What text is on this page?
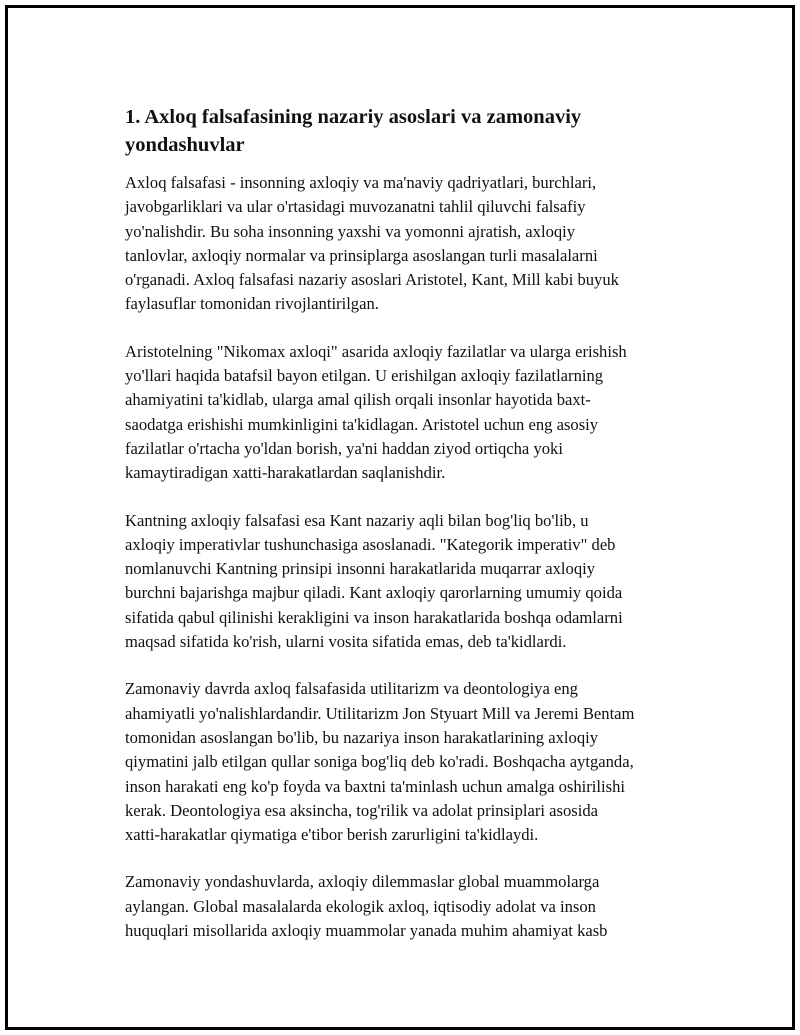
1. Axloq falsafasining nazariy asoslari va zamonaviy yondashuvlar

Axloq falsafasi - insonning axloqiy va ma'naviy qadriyatlari, burchlari,
javobgarliklari va ular o'rtasidagi muvozanatni tahlil qiluvchi falsafiy
yo'nalishdir. Bu soha insonning yaxshi va yomonni ajratish, axloqiy
tanlovlar, axloqiy normalar va prinsiplarga asoslangan turli masalalarni
o'rganadi. Axloq falsafasi nazariy asoslari Aristotel, Kant, Mill kabi buyuk
faylasuflar tomonidan rivojlantirilgan.

Aristotelning "Nikomax axloqi" asarida axloqiy fazilatlar va ularga erishish
yo'llari haqida batafsil bayon etilgan. U erishilgan axloqiy fazilatlarning
ahamiyatini ta'kidlab, ularga amal qilish orqali insonlar hayotida baxt-
saodatga erishishi mumkinligini ta'kidlagan. Aristotel uchun eng asosiy
fazilatlar o'rtacha yo'ldan borish, ya'ni haddan ziyod ortiqcha yoki
kamaytiradigan xatti-harakatlardan saqlanishdir.

Kantning axloqiy falsafasi esa Kant nazariy aqli bilan bog'liq bo'lib, u
axloqiy imperativlar tushunchasiga asoslanadi. "Kategorik imperativ" deb
nomlanuvchi Kantning prinsipi insonni harakatlarida muqarrar axloqiy
burchni bajarishga majbur qiladi. Kant axloqiy qarorlarning umumiy qoida
sifatida qabul qilinishi kerakligini va inson harakatlarida boshqa odamlarni
maqsad sifatida ko'rish, ularni vosita sifatida emas, deb ta'kidlardi.

Zamonaviy davrda axloq falsafasida utilitarizm va deontologiya eng
ahamiyatli yo'nalishlardandir. Utilitarizm Jon Styuart Mill va Jeremi Bentam
tomonidan asoslangan bo'lib, bu nazariya inson harakatlarining axloqiy
qiymatini jalb etilgan qullar soniga bog'liq deb ko'radi. Boshqacha aytganda,
inson harakati eng ko'p foyda va baxtni ta'minlash uchun amalga oshirilishi
kerak. Deontologiya esa aksincha, tog'rilik va adolat prinsiplari asosida
xatti-harakatlar qiymatiga e'tibor berish zarurligini ta'kidlaydi.

Zamonaviy yondashuvlarda, axloqiy dilemmaslar global muammolarga
aylangan. Global masalalarda ekologik axloq, iqtisodiy adolat va inson
huquqlari misollarida axloqiy muammolar yanada muhim ahamiyat kasb
